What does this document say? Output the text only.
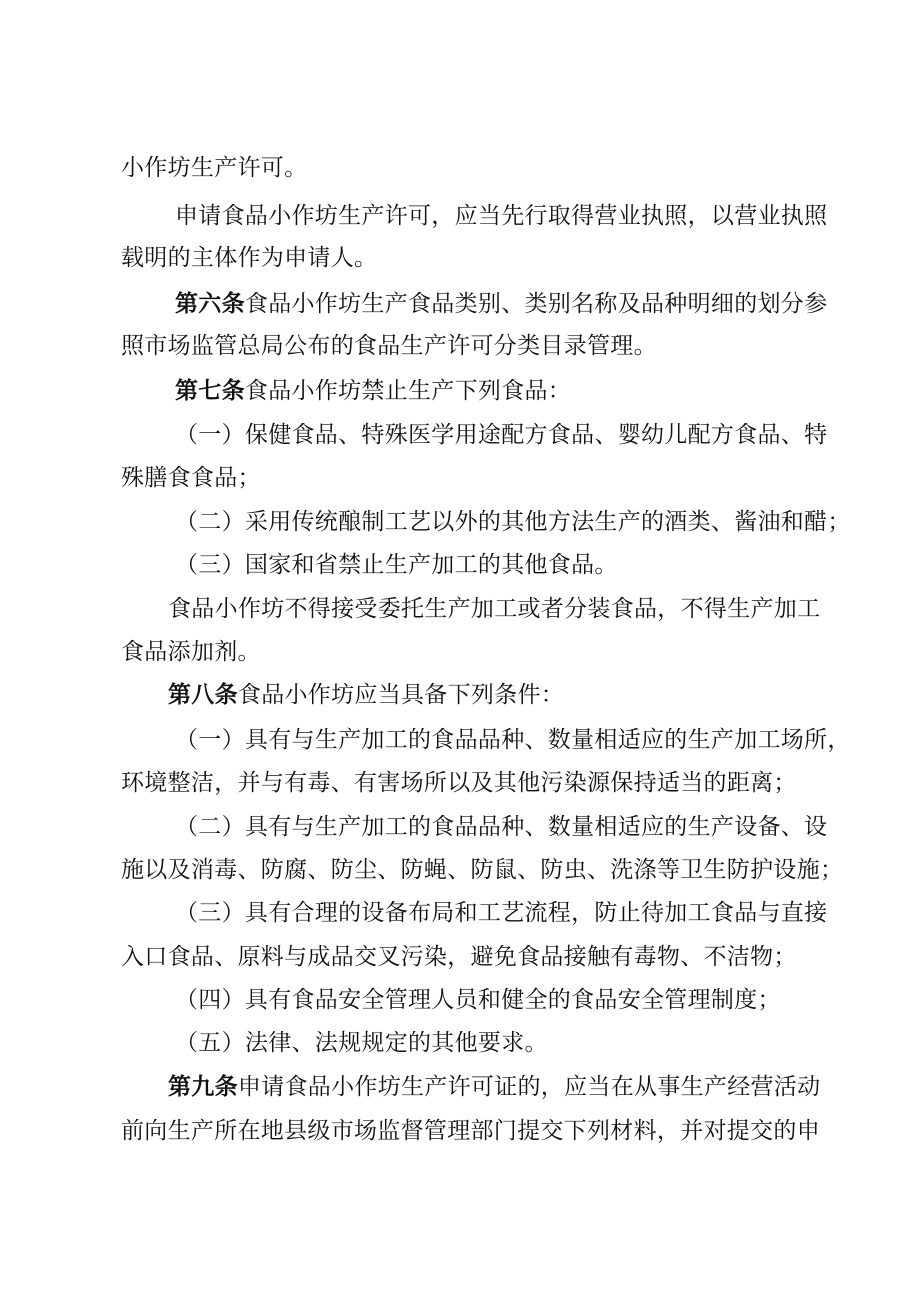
小作坊生产许可。
申请食品小作坊生产许可，应当先行取得营业执照，以营业执照
载明的主体作为申请人。
第六条食品小作坊生产食品类别、类别名称及品种明细的划分参
照市场监管总局公布的食品生产许可分类目录管理。
第七条食品小作坊禁止生产下列食品：
（一）保健食品、特殊医学用途配方食品、婴幼儿配方食品、特
殊膳食食品；
（二）采用传统酿制工艺以外的其他方法生产的酒类、酱油和醋；
（三）国家和省禁止生产加工的其他食品。
食品小作坊不得接受委托生产加工或者分装食品，不得生产加工
食品添加剂。
第八条食品小作坊应当具备下列条件：
（一）具有与生产加工的食品品种、数量相适应的生产加工场所，
环境整洁，并与有毒、有害场所以及其他污染源保持适当的距离；
（二）具有与生产加工的食品品种、数量相适应的生产设备、设
施以及消毒、防腐、防尘、防蝇、防鼠、防虫、洗涤等卫生防护设施；
（三）具有合理的设备布局和工艺流程，防止待加工食品与直接
入口食品、原料与成品交叉污染，避免食品接触有毒物、不洁物；
（四）具有食品安全管理人员和健全的食品安全管理制度；
（五）法律、法规规定的其他要求。
第九条申请食品小作坊生产许可证的，应当在从事生产经营活动
前向生产所在地县级市场监督管理部门提交下列材料，并对提交的申
